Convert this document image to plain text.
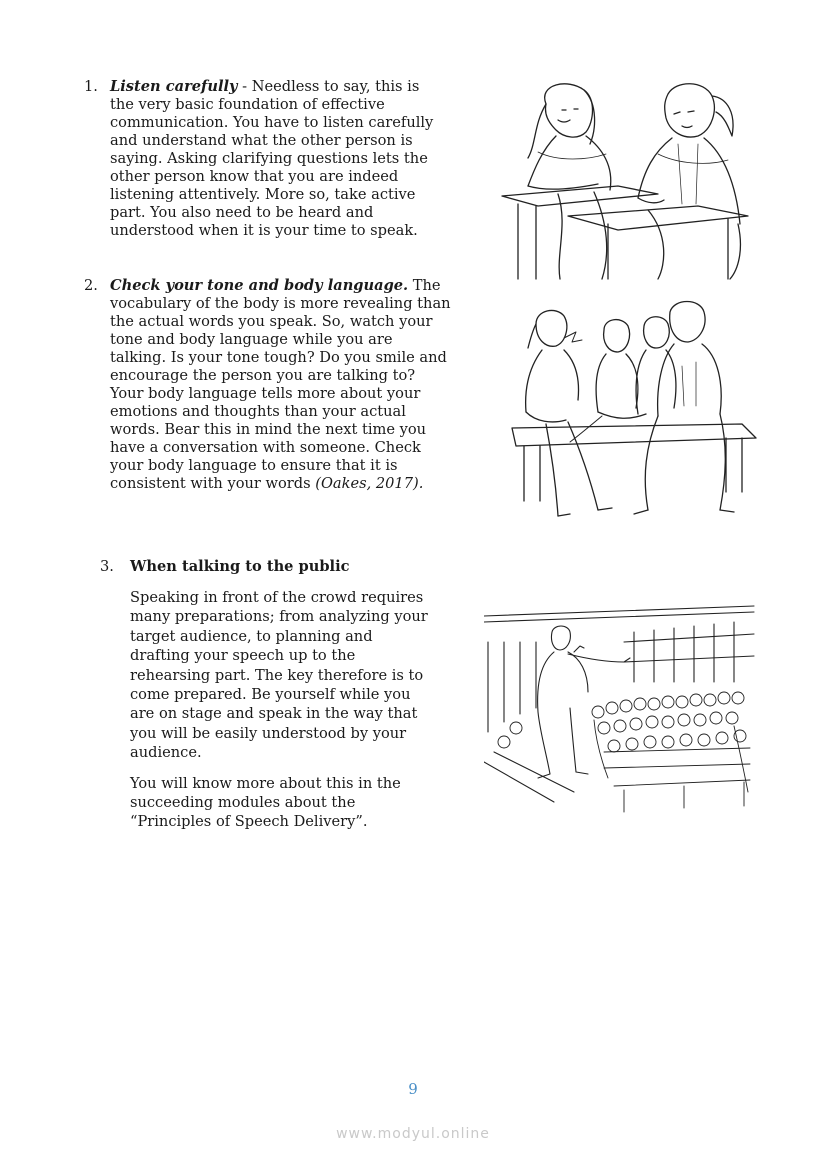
1. Listen carefully - Needless to say, this is
the very basic foundation of effective
communication. You have to listen carefully
and understand what the other person is
saying. Asking clarifying questions lets the
other person know that you are indeed
listening attentively. More so, take active
part. You also need to be heard and
understood when it is your time to speak.
2. Check your tone and body language. The
vocabulary of the body is more revealing than
the actual words you speak. So, watch your
tone and body language while you are
talking. Is your tone tough? Do you smile and
encourage the person you are talking to?
Your body language tells more about your
emotions and thoughts than your actual
words. Bear this in mind the next time you
have a conversation with someone. Check
your body language to ensure that it is
consistent with your words (Oakes, 2017).
3. When talking to the public
Speaking in front of the crowd requires
many preparations; from analyzing your
target audience, to planning and
drafting your speech up to the
rehearsing part. The key therefore is to
come prepared. Be yourself while you
are on stage and speak in the way that
you will be easily understood by your
audience.
You will know more about this in the
succeeding modules about the
“Principles of Speech Delivery”.
9
www.modyul.online
